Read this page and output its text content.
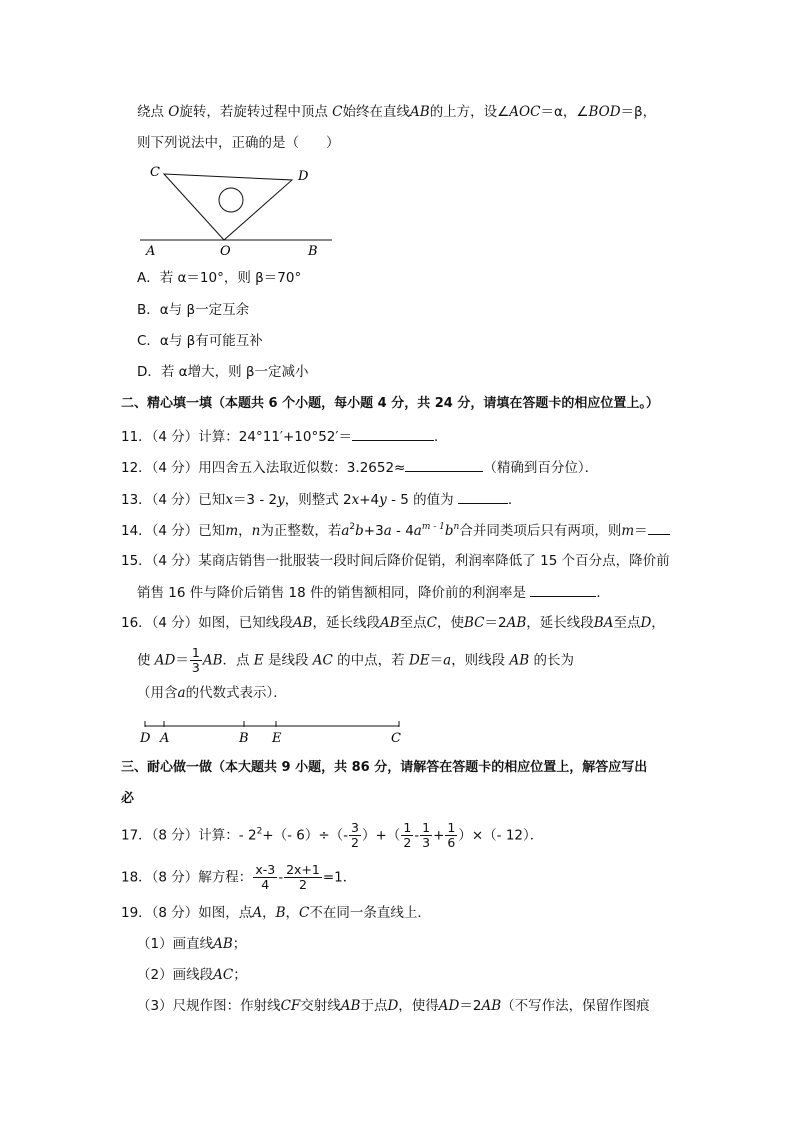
绕点 O旋转，若旋转过程中顶点 C始终在直线AB的上方，设∠AOC＝α，∠BOD＝β，
则下列说法中，正确的是（　　）
C	D
A	O	B
A．若 α＝10°，则 β＝70°
B．α与 β一定互余
C．α与 β有可能互补
D．若 α增大，则 β一定减小
二、精心填一填（本题共 6 个小题，每小题 4 分，共 24 分，请填在答题卡的相应位置上。）
11．（4 分）计算：24°11′+10°52′＝	．
12．（4 分）用四舍五入法取近似数：3.2652≈	（精确到百分位）．
13．（4 分）已知x＝3 - 2y，则整式 2x+4y - 5 的值为	．
14．（4 分）已知m，n为正整数，若$a^2b+3a - 4a^{m - 1}b^n$合并同类项后只有两项，则m＝
15．（4 分）某商店销售一批服装一段时间后降价促销，利润率降低了 15 个百分点，降价前
销售 16 件与降价后销售 18 件的销售额相同，降价前的利润率是	．
16．（4 分）如图，已知线段AB，延长线段AB至点C，使BC＝2AB，延长线段BA至点D，
使 $AD= \frac{1}{3}$ AB．点 E 是线段 AC 的中点，若 DE＝a，则线段 AB 的长为
（用含a的代数式表示）．
D A	B E	C
三、耐心做一做（本大题共 9 小题，共 86 分，请解答在答题卡的相应位置上，解答应写出
必
17．（8 分）计算：- $2^2+(-$ $6)\div(- \frac{3}{2}$ ）+（ $\frac{1}{2} - \frac{1}{3} + \frac{1}{6}$ ）×（- 12）．
18．（8 分）解方程： $\frac{x-3}{4} - \frac{2x+1}{2} =1$．
19．（8 分）如图，点A，B，C不在同一条直线上．
（1）画直线AB；
（2）画线段AC；
（3）尺规作图：作射线CF交射线AB于点D，使得AD＝2AB（不写作法，保留作图痕
